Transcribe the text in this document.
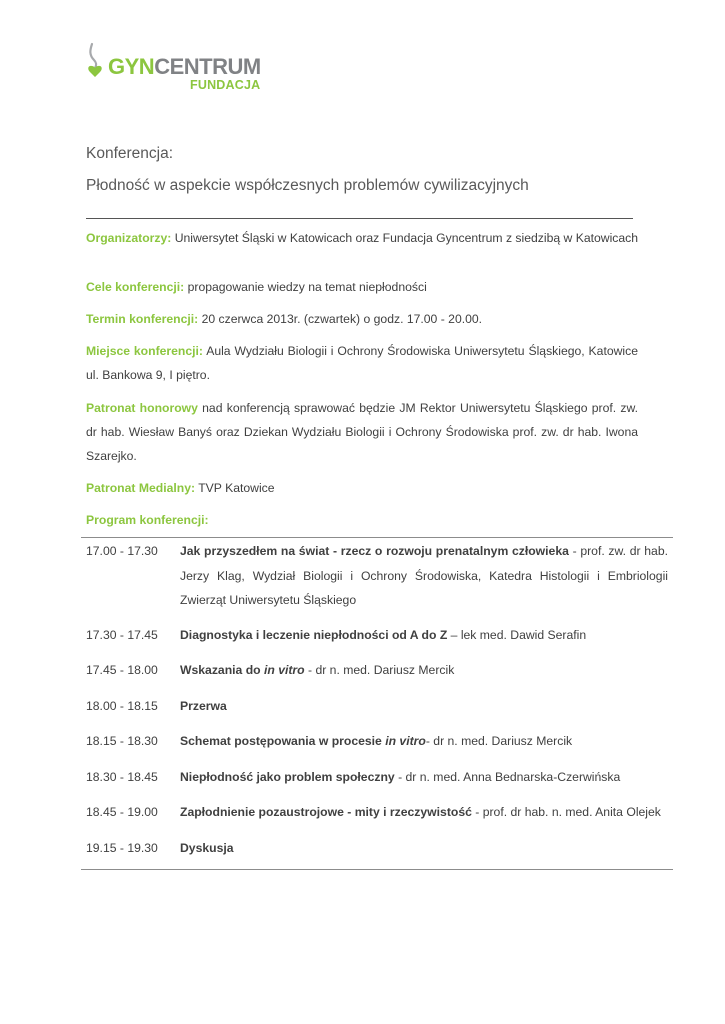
GYNCENTRUM
FUNDACJA
Konferencja:
Płodność w aspekcie współczesnych problemów cywilizacyjnych
Organizatorzy: Uniwersytet Śląski w Katowicach oraz Fundacja Gyncentrum z siedzibą w Katowicach
Cele konferencji: propagowanie wiedzy na temat niepłodności
Termin konferencji: 20 czerwca 2013r. (czwartek) o godz. 17.00 - 20.00.
Miejsce konferencji: Aula Wydziału Biologii i Ochrony Środowiska Uniwersytetu Śląskiego, Katowice ul. Bankowa 9, I piętro.
Patronat honorowy nad konferencją sprawować będzie JM Rektor Uniwersytetu Śląskiego prof. zw. dr hab. Wiesław Banyś oraz Dziekan Wydziału Biologii i Ochrony Środowiska prof. zw. dr hab. Iwona Szarejko.
Patronat Medialny: TVP Katowice
Program konferencji:
17.00 - 17.30	Jak przyszedłem na świat - rzecz o rozwoju prenatalnym człowieka - prof. zw. dr hab. Jerzy Klag, Wydział Biologii i Ochrony Środowiska, Katedra Histologii i Embriologii Zwierząt Uniwersytetu Śląskiego
17.30 - 17.45	Diagnostyka i leczenie niepłodności od A do Z – lek med. Dawid Serafin
17.45 - 18.00	Wskazania do in vitro - dr n. med. Dariusz Mercik
18.00 - 18.15	Przerwa
18.15 - 18.30	Schemat postępowania w procesie in vitro- dr n. med. Dariusz Mercik
18.30 - 18.45	Niepłodność jako problem społeczny - dr n. med. Anna Bednarska-Czerwińska
18.45 - 19.00	Zapłodnienie pozaustrojowe - mity i rzeczywistość - prof. dr hab. n. med. Anita Olejek
19.15 - 19.30	Dyskusja
